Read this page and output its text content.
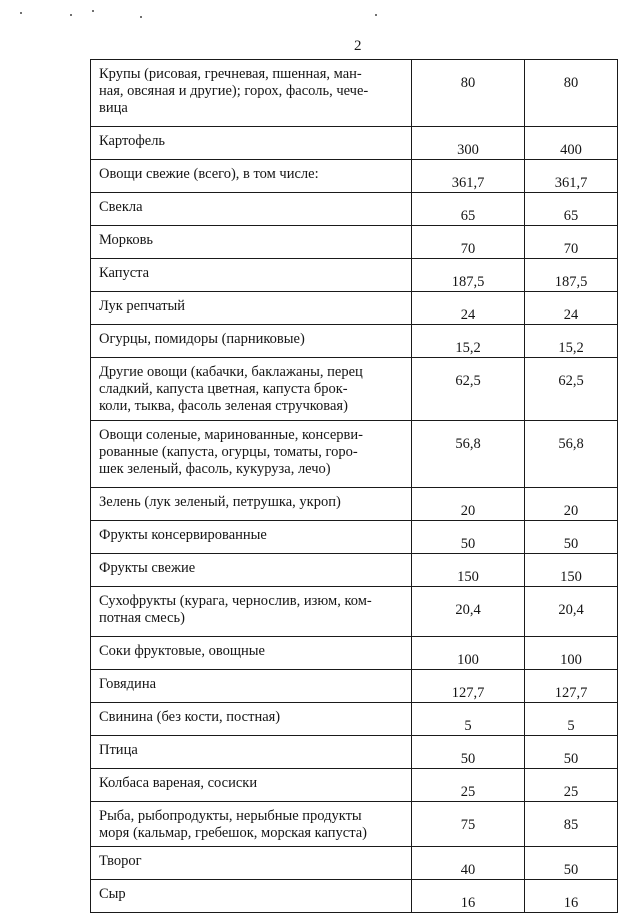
2
Крупы (рисовая, гречневая, пшенная, ман-
ная, овсяная и другие); горох, фасоль, чече-
вица	80	80

Картофель	300	400

Овощи свежие (всего), в том числе:	361,7	361,7

Свекла	65	65

Морковь	70	70

Капуста	187,5	187,5

Лук репчатый	24	24

Огурцы, помидоры (парниковые)	15,2	15,2

Другие овощи (кабачки, баклажаны, перец
сладкий, капуста цветная, капуста брок-
коли, тыква, фасоль зеленая стручковая)	62,5	62,5

Овощи соленые, маринованные, консерви-
рованные (капуста, огурцы, томаты, горо-
шек зеленый, фасоль, кукуруза, лечо)	56,8	56,8

Зелень (лук зеленый, петрушка, укроп)	20	20

Фрукты консервированные	50	50

Фрукты свежие	150	150

Сухофрукты (курага, чернослив, изюм, ком-
потная смесь)	20,4	20,4

Соки фруктовые, овощные	100	100

Говядина	127,7	127,7

Свинина (без кости, постная)	5	5

Птица	50	50

Колбаса вареная, сосиски	25	25

Рыба, рыбопродукты, нерыбные продукты
моря (кальмар, гребешок, морская капуста)	75	85

Творог	40	50

Сыр	16	16
